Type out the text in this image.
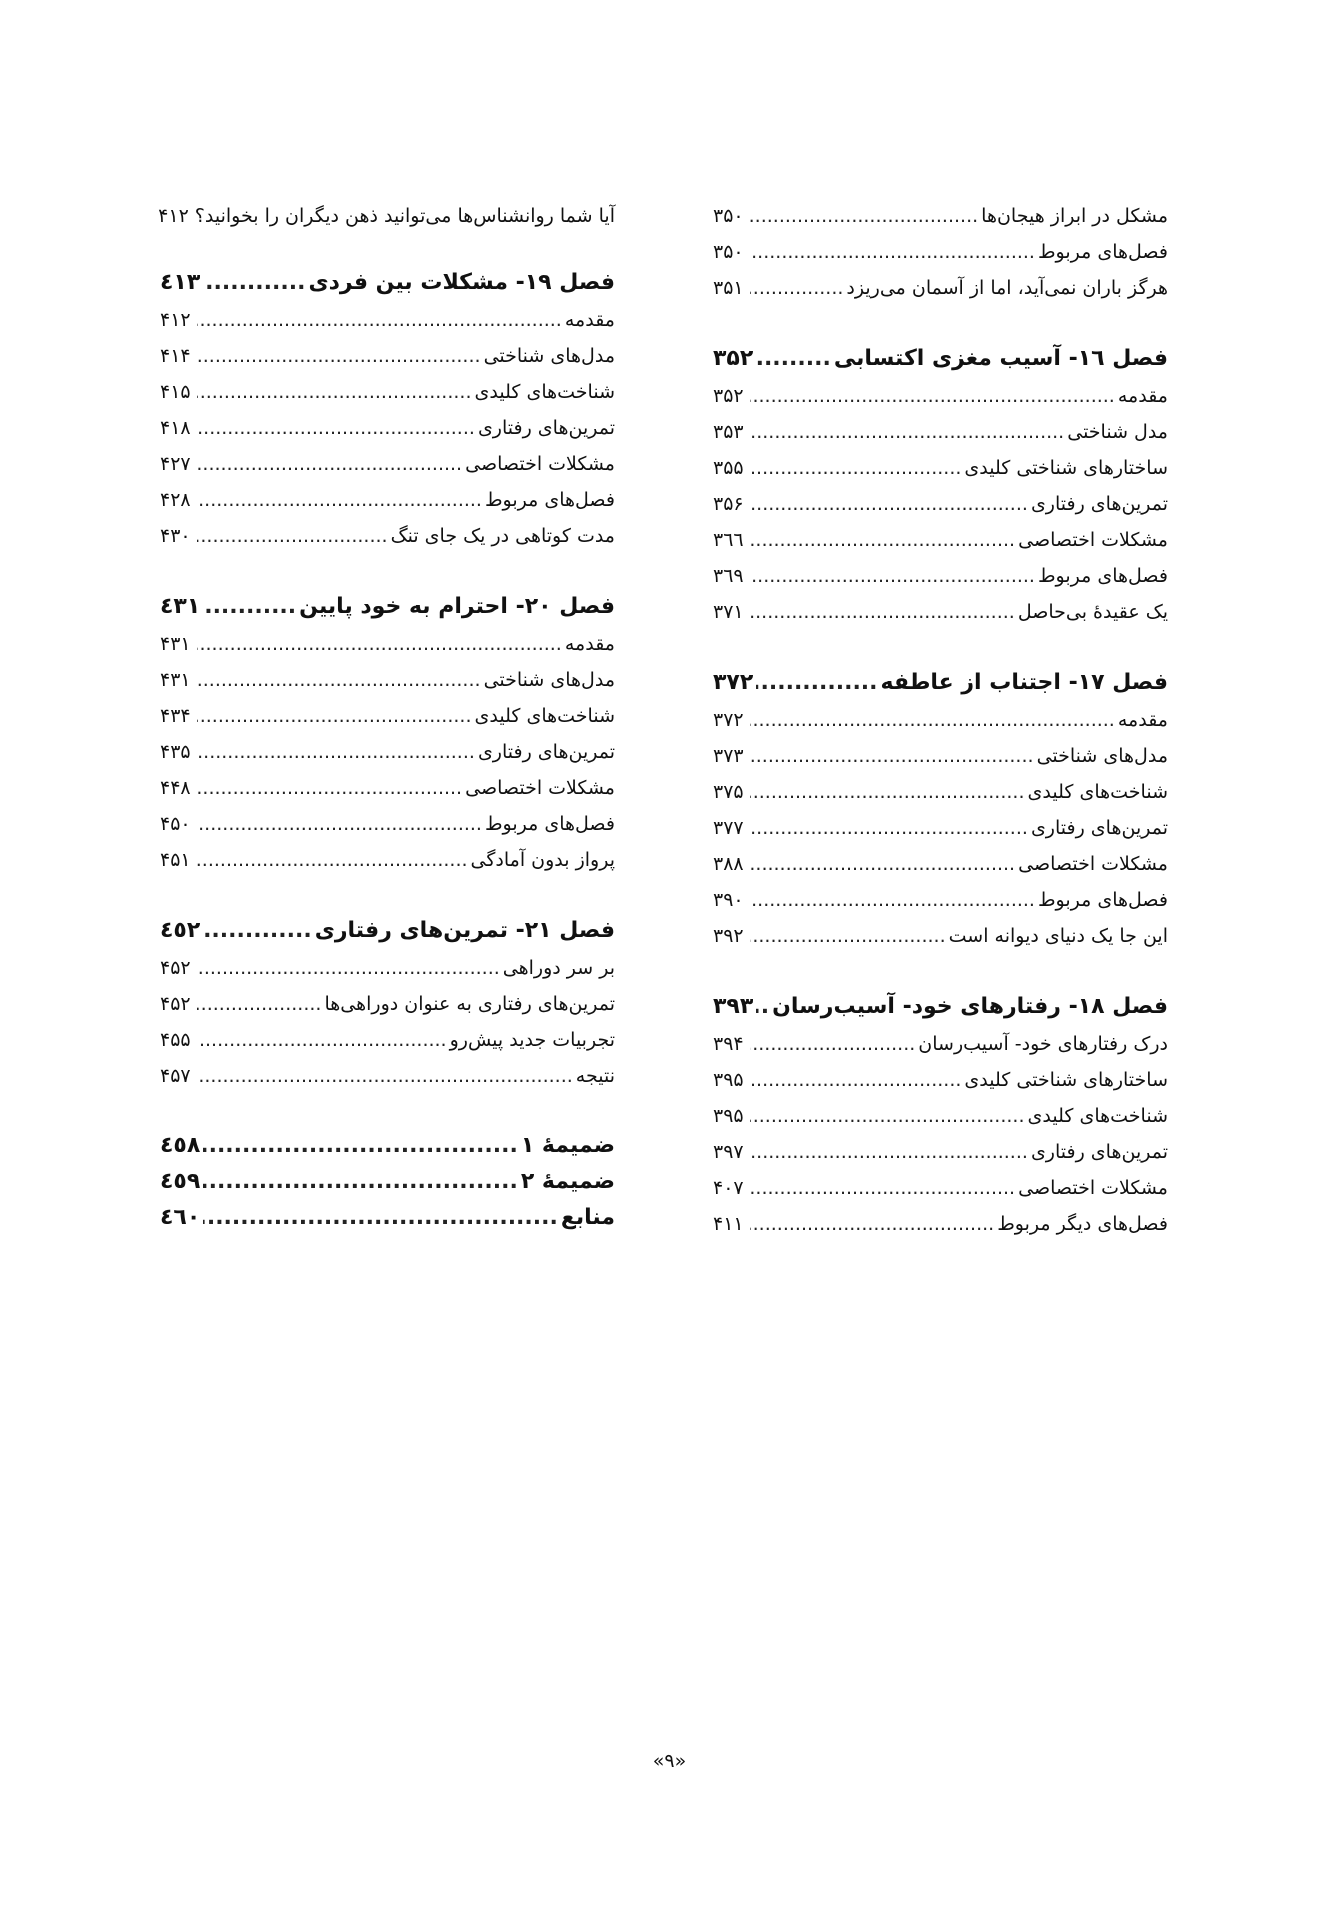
مشکل در ابراز هیجان‌ها
.....
۳۵۰
فصل‌های مربوط
.....
۳۵۰
هرگز باران نمی‌آید، اما از آسمان می‌ریزد
.....
۳۵۱
فصل ۱٦- آسیب مغزی اکتسابی
.....
۳۵۲
مقدمه
.....
۳۵۲
مدل شناختی
.....
۳۵۳
ساختارهای شناختی کلیدی
.....
۳۵۵
تمرین‌های رفتاری
.....
۳۵۶
مشکلات اختصاصی
.....
۳٦٦
فصل‌های مربوط
.....
۳٦۹
یک عقیدهٔ بی‌حاصل
.....
۳۷۱
فصل ۱۷- اجتناب از عاطفه
.....
۳۷۲
مقدمه
.....
۳۷۲
مدل‌های شناختی
.....
۳۷۳
شناخت‌های کلیدی
.....
۳۷۵
تمرین‌های رفتاری
.....
۳۷۷
مشکلات اختصاصی
.....
۳۸۸
فصل‌های مربوط
.....
۳۹۰
این جا یک دنیای دیوانه است
.....
۳۹۲
فصل ۱۸- رفتارهای خود- آسیب‌رسان
.....
۳۹۳
درک رفتارهای خود- آسیب‌رسان
.....
۳۹۴
ساختارهای شناختی کلیدی
.....
۳۹۵
شناخت‌های کلیدی
.....
۳۹۵
تمرین‌های رفتاری
.....
۳۹۷
مشکلات اختصاصی
.....
۴۰۷
فصل‌های دیگر مربوط
.....
۴۱۱
آیا شما روانشناس‌ها می‌توانید ذهن دیگران را بخوانید؟
۴۱۲
فصل ۱۹- مشکلات بین فردی
.....
٤١٣
مقدمه
.....
۴۱۲
مدل‌های شناختی
.....
۴۱۴
شناخت‌های کلیدی
.....
۴۱۵
تمرین‌های رفتاری
.....
۴۱۸
مشکلات اختصاصی
.....
۴۲۷
فصل‌های مربوط
.....
۴۲۸
مدت کوتاهی در یک جای تنگ
.....
۴۳۰
فصل ۲۰- احترام به خود پایین
.....
٤٣١
مقدمه
.....
۴۳۱
مدل‌های شناختی
.....
۴۳۱
شناخت‌های کلیدی
.....
۴۳۴
تمرین‌های رفتاری
.....
۴۳۵
مشکلات اختصاصی
.....
۴۴۸
فصل‌های مربوط
.....
۴۵۰
پرواز بدون آمادگی
.....
۴۵۱
فصل ۲۱- تمرین‌های رفتاری
.....
٤٥٢
بر سر دوراهی
.....
۴۵۲
تمرین‌های رفتاری به عنوان دوراهی‌ها
.....
۴۵۲
تجربیات جدید پیش‌رو
.....
۴۵۵
نتیجه
.....
۴۵۷
ضمیمهٔ ۱
.....
٤٥٨
ضمیمهٔ ۲
.....
٤٥٩
منابع
.....
٤٦٠
«۹»
